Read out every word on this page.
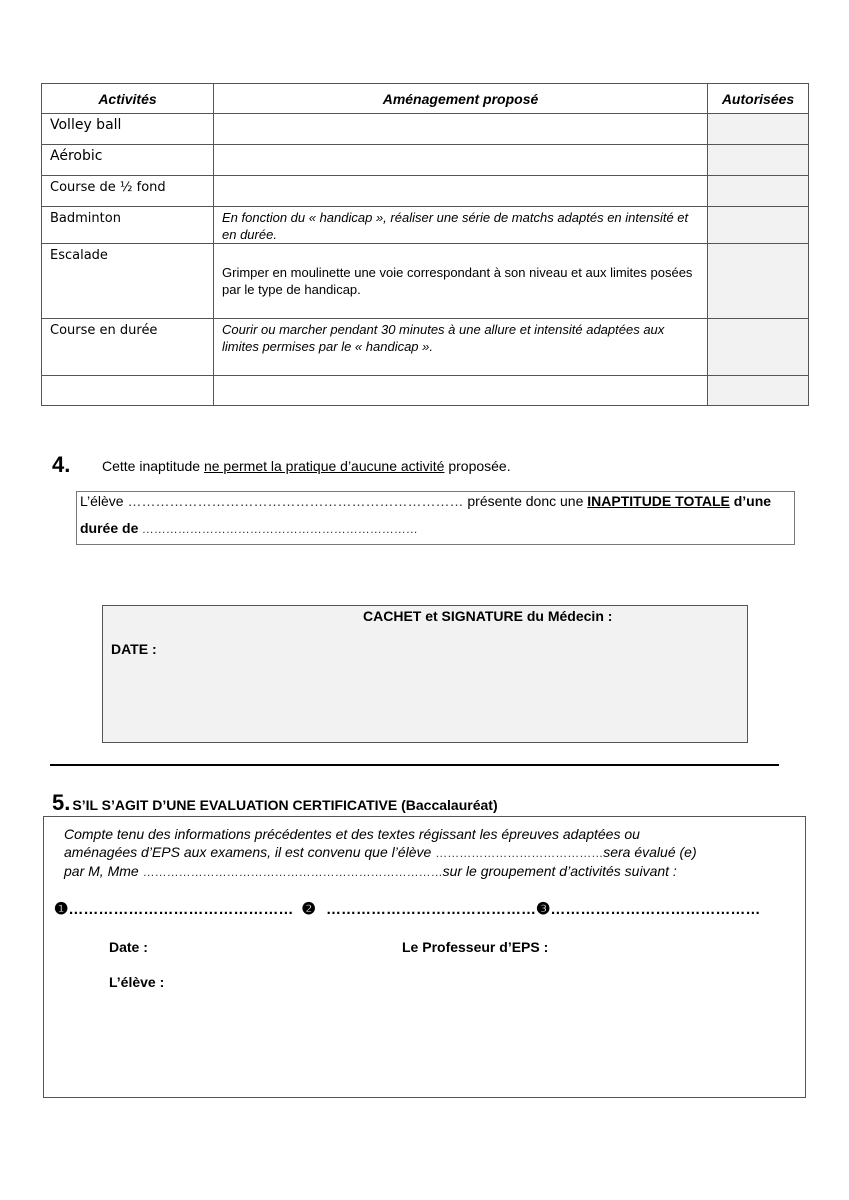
Activités	Aménagement proposé	Autorisées
Volley ball		
Aérobic		
Course de ½ fond		
Badminton	En fonction du « handicap », réaliser une série de matchs adaptés en intensité et en durée.	
Escalade	Grimper en moulinette une voie correspondant à son niveau et aux limites posées par le type de handicap.	
Course en durée	Courir ou marcher pendant 30 minutes à une allure et intensité adaptées aux limites permises par le « handicap ».	

4. Cette inaptitude ne permet la pratique d’aucune activité proposée.
L’élève ……………………………………………………………… présente donc une INAPTITUDE TOTALE d’une
durée de ……………………………………………………………
CACHET et SIGNATURE du Médecin :
DATE :
5. S’IL S’AGIT D’UNE EVALUATION CERTIFICATIVE (Baccalauréat)
Compte tenu des informations précédentes et des textes régissant les épreuves adaptées ou
aménagées d’EPS aux examens, il est convenu que l’élève ……………………………………sera évalué (e)
par M, Mme …………………………………………………………………sur le groupement d’activités suivant :
❶……………………………………… ❷ ……………………………………❸……………………………………
Date :	Le Professeur d’EPS :
L’élève :
